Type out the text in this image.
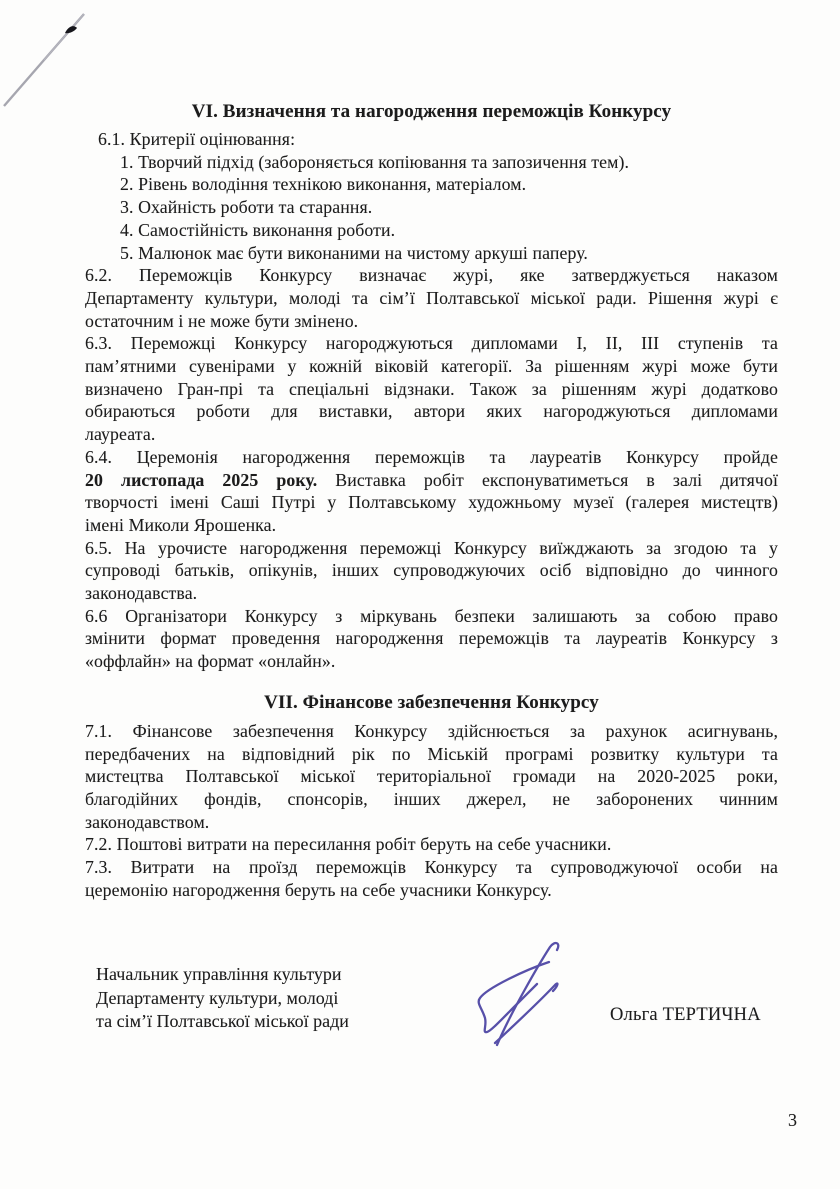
VI. Визначення та нагородження переможців Конкурсу
6.1. Критерії оцінювання:
1. Творчий підхід (забороняється копіювання та запозичення тем).
2. Рівень володіння технікою виконання, матеріалом.
3. Охайність роботи та старання.
4. Самостійність виконання роботи.
5. Малюнок має бути виконаними на чистому аркуші паперу.
6.2. Переможців Конкурсу визначає журі, яке затверджується наказом
Департаменту культури, молоді та сім’ї Полтавської міської ради. Рішення журі є
остаточним і не може бути змінено.
6.3. Переможці Конкурсу нагороджуються дипломами I, II, III ступенів та
пам’ятними сувенірами у кожній віковій категорії. За рішенням журі може бути
визначено Гран-прі та спеціальні відзнаки. Також за рішенням журі додатково
обираються роботи для виставки, автори яких нагороджуються дипломами
лауреата.
6.4. Церемонія нагородження переможців та лауреатів Конкурсу пройде
20 листопада 2025 року. Виставка робіт експонуватиметься в залі дитячої
творчості імені Саші Путрі у Полтавському художньому музеї (галерея мистецтв)
імені Миколи Ярошенка.
6.5. На урочисте нагородження переможці Конкурсу виїжджають за згодою та у
супроводі батьків, опікунів, інших супроводжуючих осіб відповідно до чинного
законодавства.
6.6 Організатори Конкурсу з міркувань безпеки залишають за собою право
змінити формат проведення нагородження переможців та лауреатів Конкурсу з
«оффлайн» на формат «онлайн».
VII. Фінансове забезпечення Конкурсу
7.1. Фінансове забезпечення Конкурсу здійснюється за рахунок асигнувань,
передбачених на відповідний рік по Міській програмі розвитку культури та
мистецтва Полтавської міської територіальної громади на 2020-2025 роки,
благодійних фондів, спонсорів, інших джерел, не заборонених чинним
законодавством.
7.2. Поштові витрати на пересилання робіт беруть на себе учасники.
7.3. Витрати на проїзд переможців Конкурсу та супроводжуючої особи на
церемонію нагородження беруть на себе учасники Конкурсу.
Начальник управління культури
Департаменту культури, молоді
та сім’ї Полтавської міської ради	Ольга ТЕРТИЧНА
3
